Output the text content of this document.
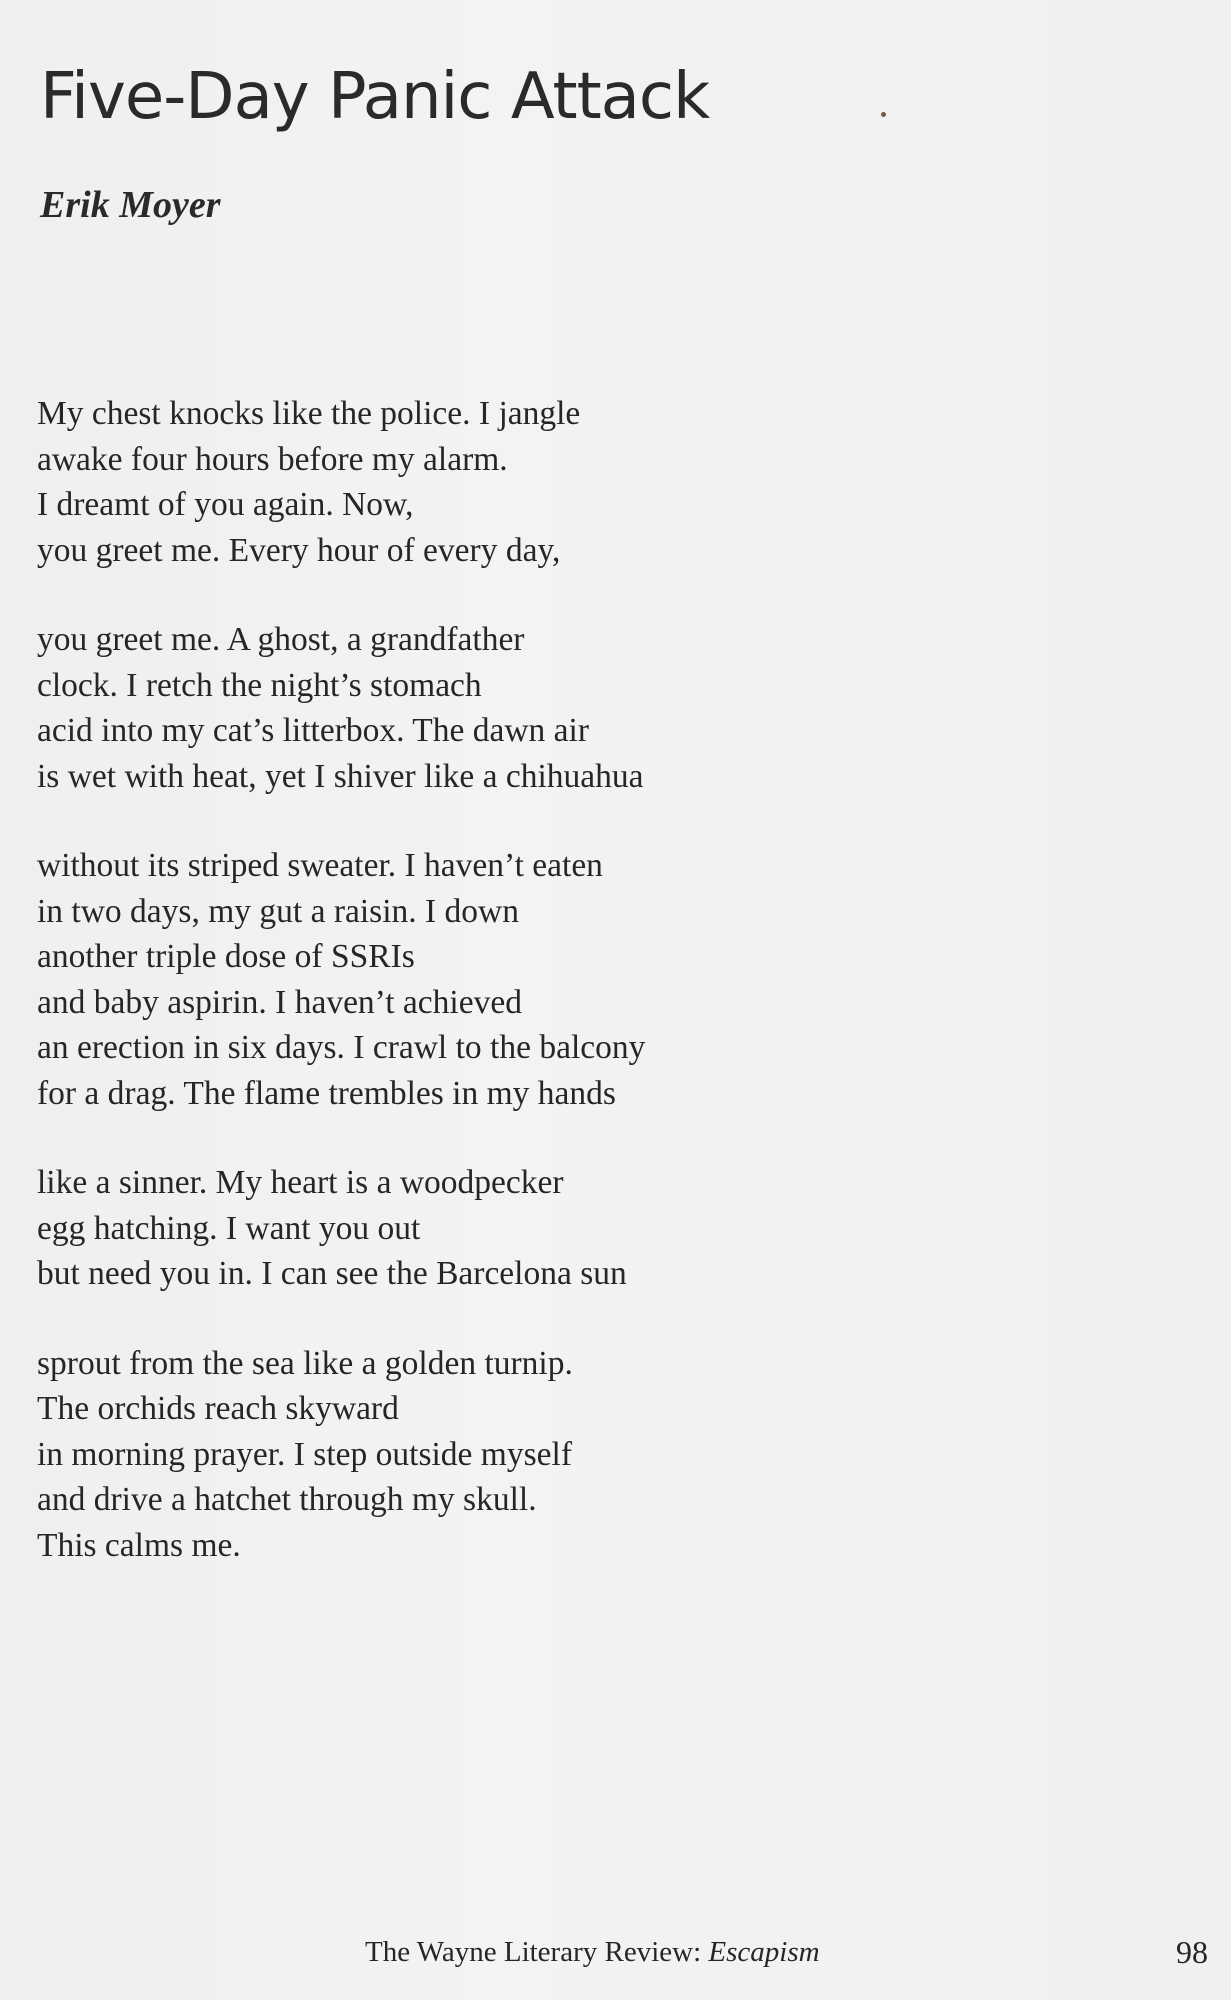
Five-Day Panic Attack
Erik Moyer
My chest knocks like the police. I jangle
awake four hours before my alarm.
I dreamt of you again. Now,
you greet me. Every hour of every day,
you greet me. A ghost, a grandfather
clock. I retch the night’s stomach
acid into my cat’s litterbox. The dawn air
is wet with heat, yet I shiver like a chihuahua
without its striped sweater. I haven’t eaten
in two days, my gut a raisin. I down
another triple dose of SSRIs
and baby aspirin. I haven’t achieved
an erection in six days. I crawl to the balcony
for a drag. The flame trembles in my hands
like a sinner. My heart is a woodpecker
egg hatching. I want you out
but need you in. I can see the Barcelona sun
sprout from the sea like a golden turnip.
The orchids reach skyward
in morning prayer. I step outside myself
and drive a hatchet through my skull.
This calms me.
The Wayne Literary Review: Escapism	98
